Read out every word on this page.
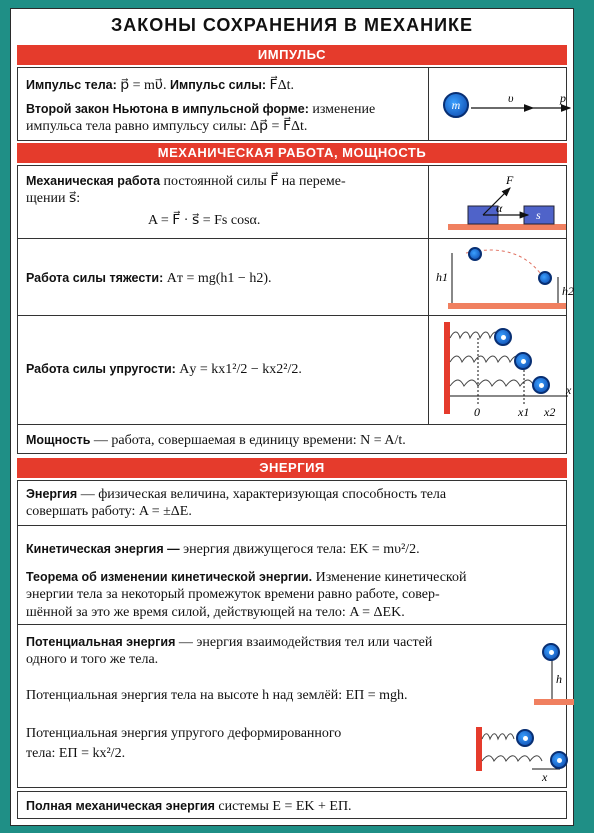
ЗАКОНЫ СОХРАНЕНИЯ В МЕХАНИКЕ
ИМПУЛЬС
Импульс тела: p⃗ = mυ⃗. Импульс силы: F⃗Δt.
Второй закон Ньютона в импульсной форме: изменение
импульса тела равно импульсу силы: Δp⃗ = F⃗Δt.
m	υ⃗	p⃗
МЕХАНИЧЕСКАЯ РАБОТА, МОЩНОСТЬ
Механическая работа постоянной силы F⃗ на переме-
щении s⃗:
A = F⃗ · s⃗ = Fs cosα.
F⃗
α	s⃗
Работа силы тяжести: Aт = mg(h1 − h2).	h1
h2
Работа силы упругости: Aу = kx1²/2 − kx2²/2.
x
0	x1 x2
Мощность — работа, совершаемая в единицу времени: N = A/t.
ЭНЕРГИЯ
Энергия — физическая величина, характеризующая способность тела
совершать работу: A = ±ΔE.
Кинетическая энергия — энергия движущегося тела: EK = mυ²/2.
Теорема об изменении кинетической энергии. Изменение кинетической
энергии тела за некоторый промежуток времени равно работе, совер-
шённой за это же время силой, действующей на тело: A = ΔEK.
Потенциальная энергия — энергия взаимодействия тел или частей
одного и того же тела.
Потенциальная энергия тела на высоте h над землёй: EП = mgh.
Потенциальная энергия упругого деформированного
тела: EП = kx²/2.
h
x
Полная механическая энергия системы E = EK + EП.
